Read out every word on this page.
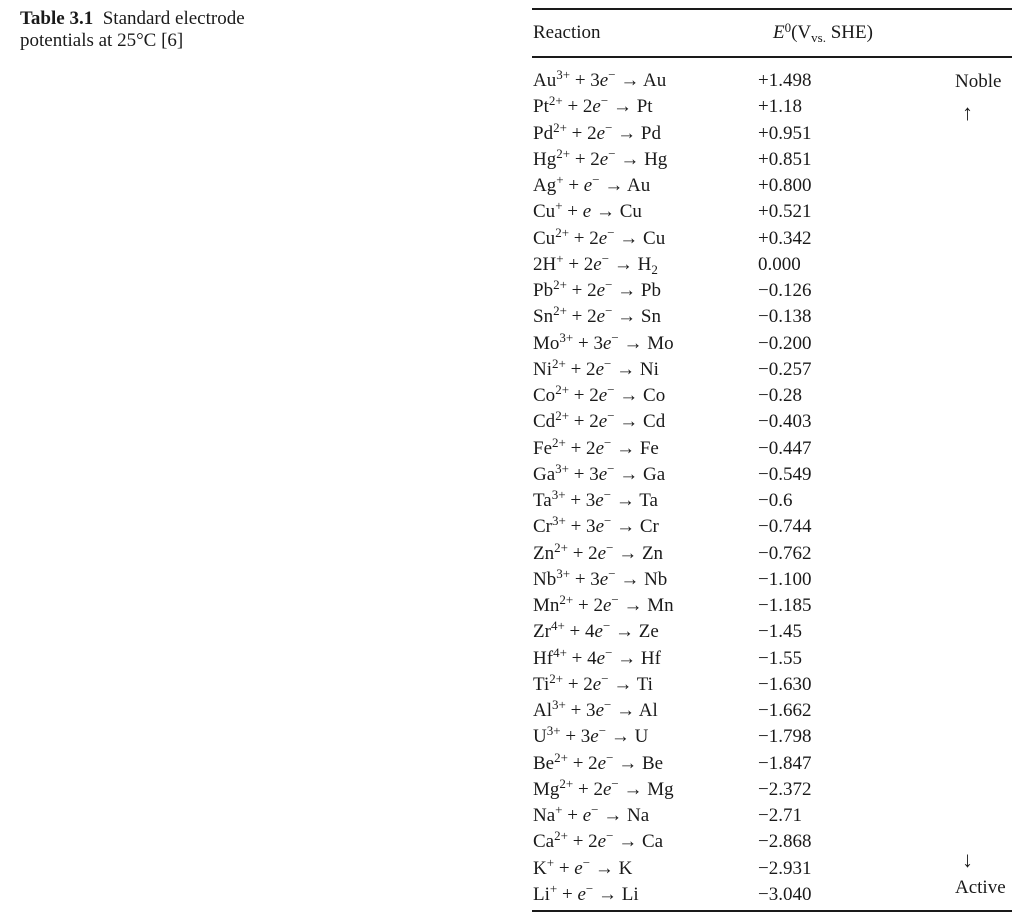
Table 3.1 Standard electrode potentials at 25°C [6]	Reaction	$E^0(V_{vs.}$ SHE)
$Au^{3+} + 3e^- \to Au$	+1.498
$Pt^{2+} + 2e^- \to Pt$	+1.18
$Pd^{2+} + 2e^- \to Pd$	+0.951
$Hg^{2+} + 2e^- \to Hg$	+0.851
Ag+ + e− → Au	+0.800
Cu+ + e → Cu	+0.521
$Cu^{2+} + 2e^- \to Cu$	+0.342
$2H^+ + 2e^- \to H_2$	0.000
$Pb^{2+} + 2e^- \to Pb$	−0.126
$Sn^{2+} + 2e^- \to Sn$	−0.138
$Mo^{3+} + 3e^- \to Mo$	−0.200
$Ni^{2+} + 2e^- \to Ni$	−0.257
$Co^{2+} + 2e^- \to Co$	−0.28
$Cd^{2+} + 2e^- \to Cd$	−0.403
$Fe^{2+} + 2e^- \to Fe$	−0.447
$Ga^{3+} + 3e^- \to Ga$	−0.549
$Ta^{3+} + 3e^- \to Ta$	−0.6
$Cr^{3+} + 3e^- \to Cr$	−0.744
$Zn^{2+} + 2e^- \to Zn$	−0.762
$Nb^{3+} + 3e^- \to Nb$	−1.100
$Mn^{2+} + 2e^- \to Mn$	−1.185
$Zr^{4+} + 4e^- \to Ze$	−1.45
$Hf^{4+} + 4e^- \to Hf$	−1.55
$Ti^{2+} + 2e^- \to Ti$	−1.630
$Al^{3+} + 3e^- \to Al$	−1.662
$U^{3+} + 3e^- \to U$	−1.798
$Be^{2+} + 2e^- \to Be$	−1.847
$Mg^{2+} + 2e^- \to Mg$	−2.372
Na+ + e− → Na	−2.71
$Ca^{2+} + 2e^- \to Ca$	−2.868
K+ + e− → K	−2.931
Li+ + e− → Li	−3.040
Noble
↑
↓
Active
